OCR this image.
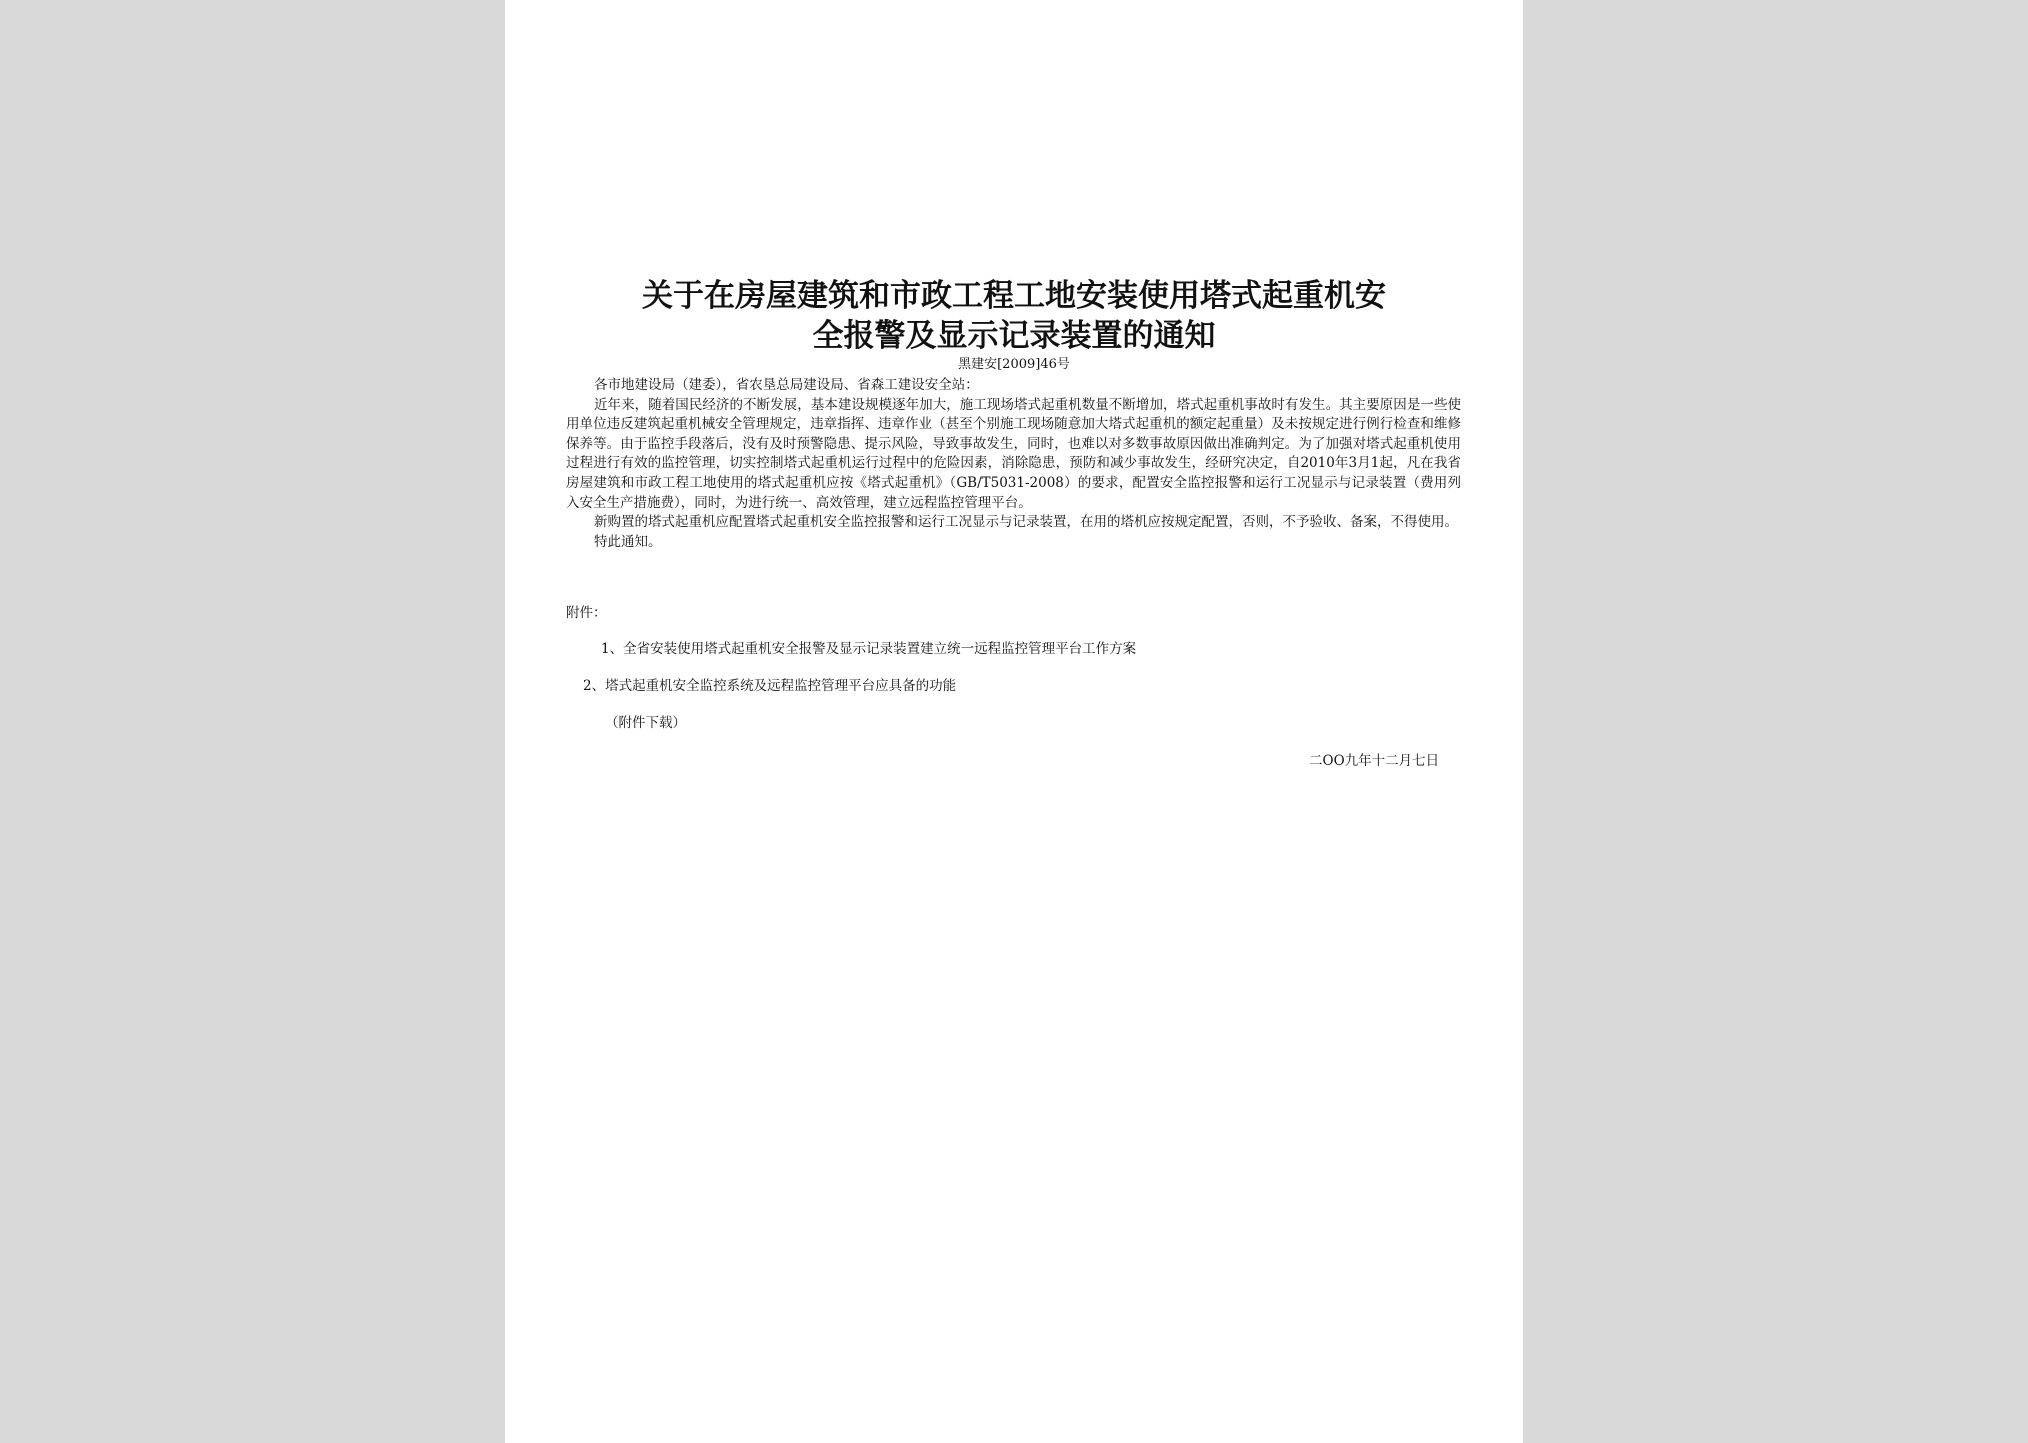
关于在房屋建筑和市政工程工地安装使用塔式起重机安
全报警及显示记录装置的通知
黑建安[2009]46号

各市地建设局（建委），省农垦总局建设局、省森工建设安全站：

近年来，随着国民经济的不断发展，基本建设规模逐年加大，施工现场塔式起重机数量不断增加，塔式起重机事故时有发生。其主要原因是一些使用单位违反建筑起重机械安全管理规定，违章指挥、违章作业（甚至个别施工现场随意加大塔式起重机的额定起重量）及未按规定进行例行检查和维修保养等。由于监控手段落后，没有及时预警隐患、提示风险，导致事故发生，同时，也难以对多数事故原因做出准确判定。为了加强对塔式起重机使用过程进行有效的监控管理，切实控制塔式起重机运行过程中的危险因素，消除隐患，预防和减少事故发生，经研究决定，自2010年3月1起，凡在我省房屋建筑和市政工程工地使用的塔式起重机应按《塔式起重机》（GB/T5031-2008）的要求，配置安全监控报警和运行工况显示与记录装置（费用列入安全生产措施费），同时，为进行统一、高效管理，建立远程监控管理平台。

新购置的塔式起重机应配置塔式起重机安全监控报警和运行工况显示与记录装置，在用的塔机应按规定配置，否则，不予验收、备案，不得使用。

特此通知。

附件：
1、全省安装使用塔式起重机安全报警及显示记录装置建立统一远程监控管理平台工作方案
2、塔式起重机安全监控系统及远程监控管理平台应具备的功能
（附件下载）
二OO九年十二月七日
